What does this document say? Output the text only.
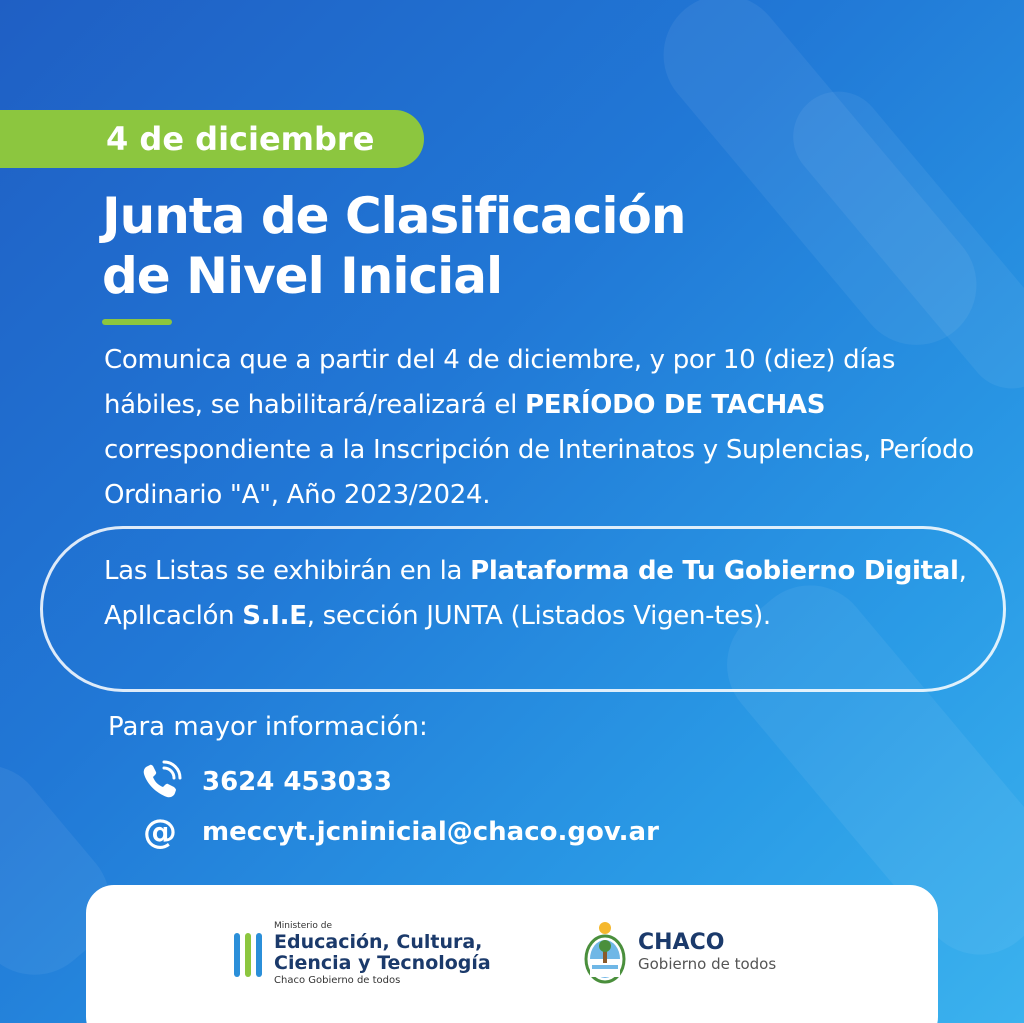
4 de diciembre
Junta de Clasificación
de Nivel Inicial
Comunica que a partir del 4 de diciembre, y por 10 (diez) días hábiles, se habilitará/realizará el PERÍODO DE TACHAS correspondiente a la Inscripción de Interinatos y Suplencias, Período Ordinario "A", Año 2023/2024.
Las Listas se exhibirán en la Plataforma de Tu Gobierno Digital, ApIlcaclón S.I.E, sección JUNTA (Listados Vigen-tes).
Para mayor información:
3624 453033
@ meccyt.jcninicial@chaco.gov.ar
Ministerio de
Educación, Cultura,
Ciencia y Tecnología
Chaco Gobierno de todos
CHACO
Gobierno de todos
